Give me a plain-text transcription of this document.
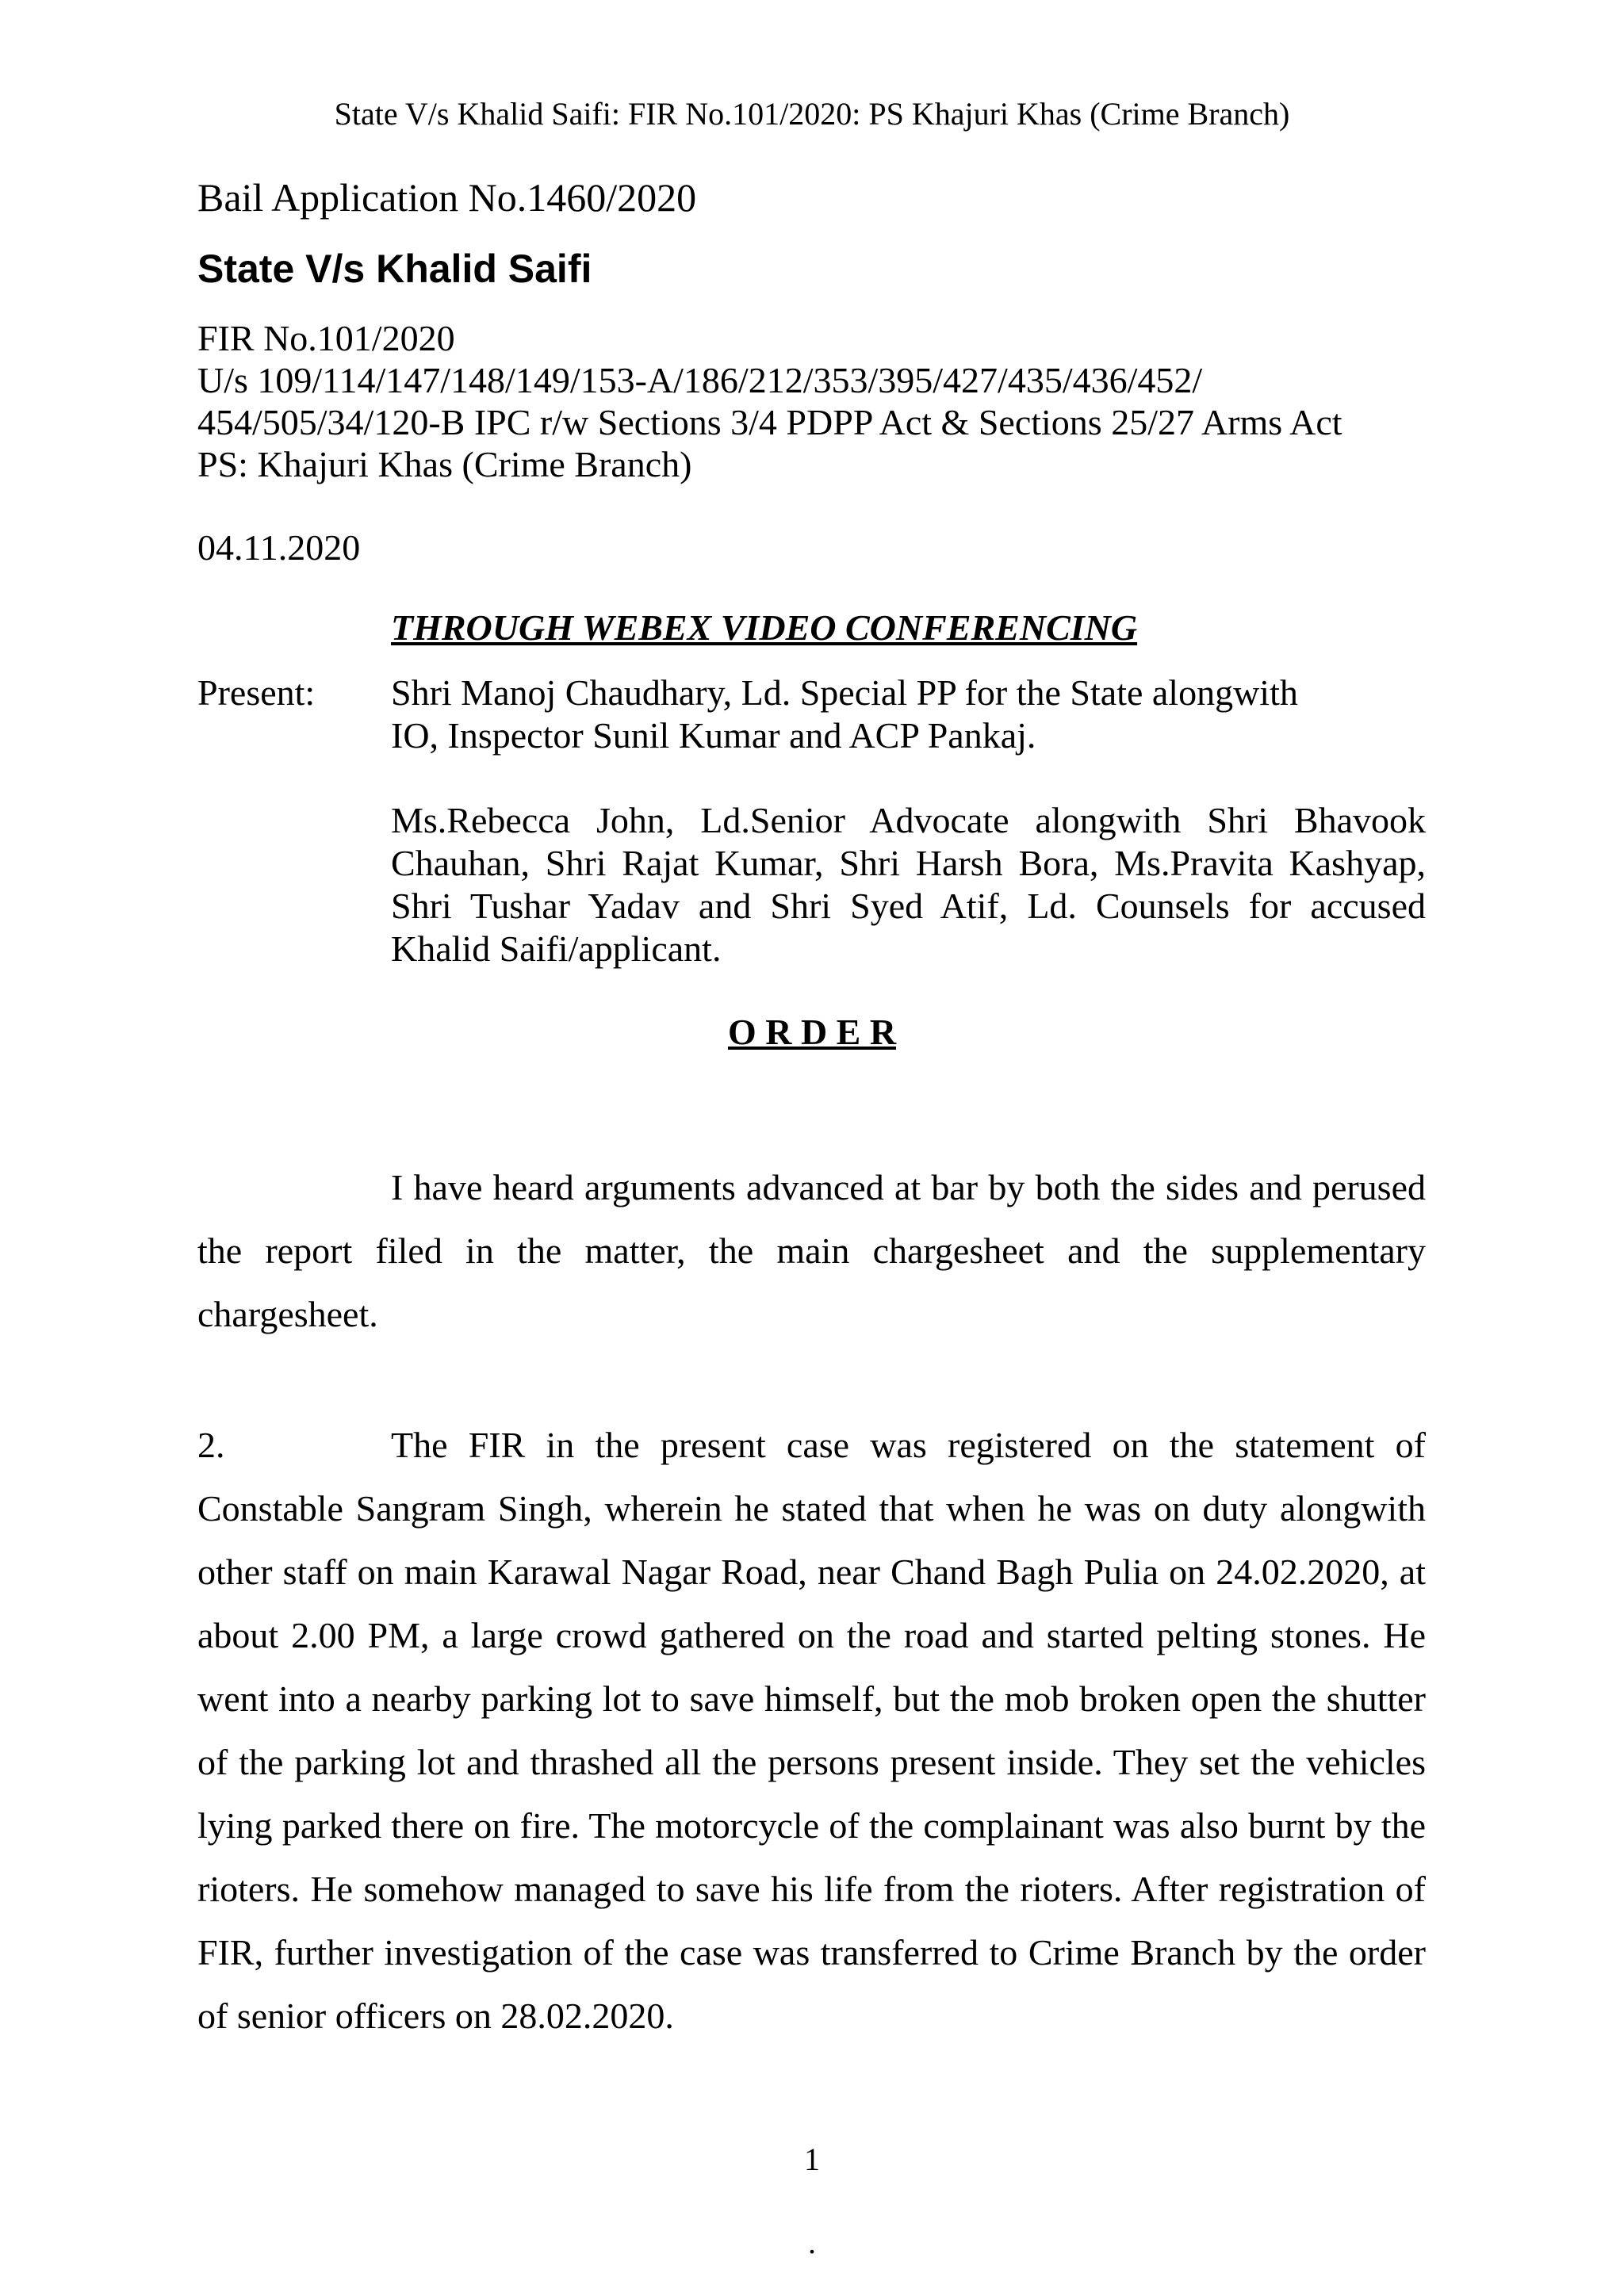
State V/s Khalid Saifi: FIR No.101/2020: PS Khajuri Khas (Crime Branch)
Bail Application No.1460/2020
State V/s Khalid Saifi
FIR No.101/2020
U/s 109/114/147/148/149/153-A/186/212/353/395/427/435/436/452/
454/505/34/120-B IPC r/w Sections 3/4 PDPP Act & Sections 25/27 Arms Act
PS: Khajuri Khas (Crime Branch)
04.11.2020
THROUGH WEBEX VIDEO CONFERENCING
Present: Shri Manoj Chaudhary, Ld. Special PP for the State alongwith
IO, Inspector Sunil Kumar and ACP Pankaj.
Ms.Rebecca John, Ld.Senior Advocate alongwith Shri Bhavook Chauhan, Shri Rajat Kumar, Shri Harsh Bora, Ms.Pravita Kashyap, Shri Tushar Yadav and Shri Syed Atif, Ld. Counsels for accused Khalid Saifi/applicant.
O R D E R
I have heard arguments advanced at bar by both the sides and perused the report filed in the matter, the main chargesheet and the supplementary chargesheet.
2.	The FIR in the present case was registered on the statement of Constable Sangram Singh, wherein he stated that when he was on duty alongwith other staff on main Karawal Nagar Road, near Chand Bagh Pulia on 24.02.2020, at about 2.00 PM, a large crowd gathered on the road and started pelting stones. He went into a nearby parking lot to save himself, but the mob broken open the shutter of the parking lot and thrashed all the persons present inside. They set the vehicles lying parked there on fire. The motorcycle of the complainant was also burnt by the rioters. He somehow managed to save his life from the rioters. After registration of FIR, further investigation of the case was transferred to Crime Branch by the order of senior officers on 28.02.2020.
1
.
